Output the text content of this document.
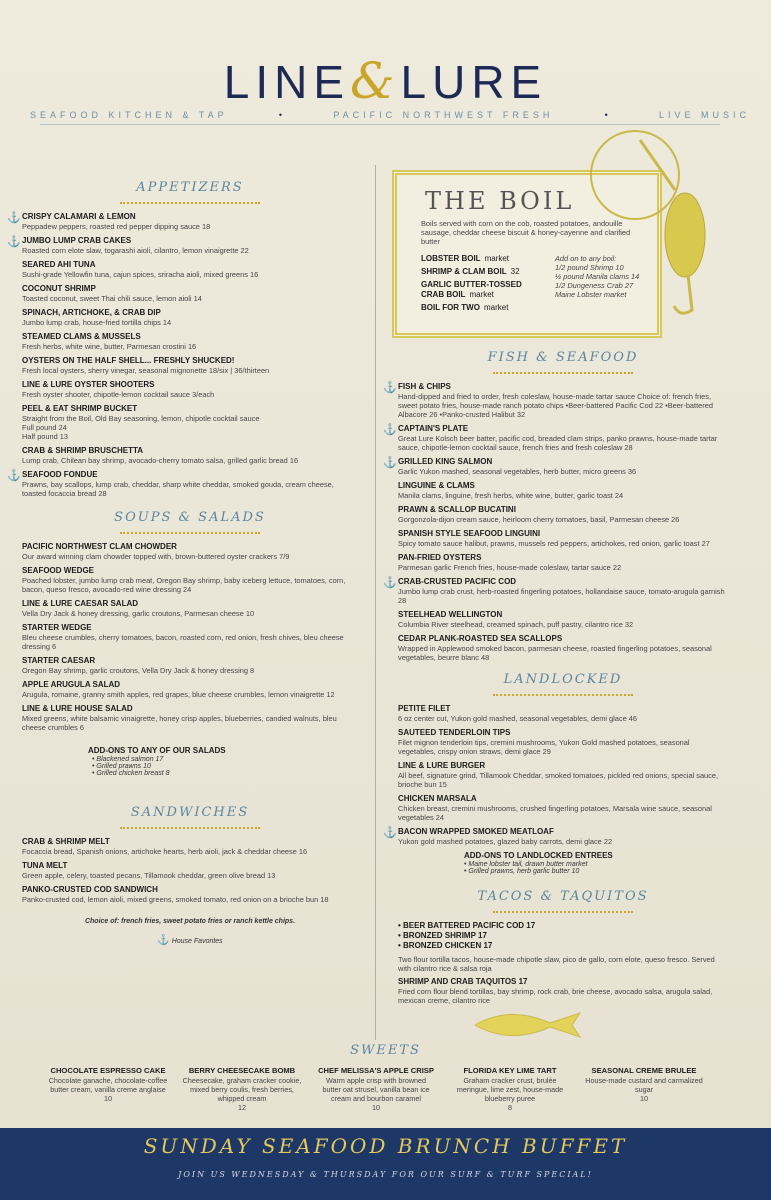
LINE&LURE
SEAFOOD KITCHEN & TAP	•	PACIFIC NORTHWEST FRESH	•	LIVE MUSIC
APPETIZERS
⚓ CRISPY CALAMARI & LEMON
Peppadew peppers, roasted red pepper dipping sauce 18
⚓ JUMBO LUMP CRAB CAKES
Roasted corn elote slaw, togarashi aioli, cilantro, lemon vinaigrette 22
SEARED AHI TUNA
Sushi-grade Yellowfin tuna, cajun spices, sriracha aioli, mixed greens 16
COCONUT SHRIMP
Toasted coconut, sweet Thai chili sauce, lemon aioli 14
SPINACH, ARTICHOKE, & CRAB DIP
Jumbo lump crab, house-fried tortilla chips 14
STEAMED CLAMS & MUSSELS
Fresh herbs, white wine, butter, Parmesan crostini 16
OYSTERS ON THE HALF SHELL... FRESHLY SHUCKED!
Fresh local oysters, sherry vinegar, seasonal mignonette 18/six | 36/thirteen
LINE & LURE OYSTER SHOOTERS
Fresh oyster shooter, chipotle-lemon cocktail sauce 3/each
PEEL & EAT SHRIMP BUCKET
Straight from the Boil, Old Bay seasoning, lemon, chipotle cocktail sauce
Full pound 24
Half pound 13
CRAB & SHRIMP BRUSCHETTA
Lump crab, Chilean bay shrimp, avocado-cherry tomato salsa, grilled garlic bread 16
⚓ SEAFOOD FONDUE
Prawns, bay scallops, lump crab, cheddar, sharp white cheddar, smoked gouda, cream cheese, toasted focaccia bread 28
SOUPS & SALADS
PACIFIC NORTHWEST CLAM CHOWDER
Our award winning clam chowder topped with, brown-buttered oyster crackers 7/9
SEAFOOD WEDGE
Poached lobster, jumbo lump crab meat, Oregon Bay shrimp, baby iceberg lettuce, tomatoes, corn, bacon, queso fresco, avocado-red wine dressing 24
LINE & LURE CAESAR SALAD
Vella Dry Jack & honey dressing, garlic croutons, Parmesan cheese 10
STARTER WEDGE
Bleu cheese crumbles, cherry tomatoes, bacon, roasted corn, red onion, fresh chives, bleu cheese dressing 6
STARTER CAESAR
Oregon Bay shrimp, garlic croutons, Vella Dry Jack & honey dressing 8
APPLE ARUGULA SALAD
Arugula, romaine, granny smith apples, red grapes, blue cheese crumbles, lemon vinaigrette 12
LINE & LURE HOUSE SALAD
Mixed greens, white balsamic vinaigrette, honey crisp apples, blueberries, candied walnuts, bleu cheese crumbles 6
ADD-ONS TO ANY OF OUR SALADS
• Blackened salmon 17
• Grilled prawns 10
• Grilled chicken breast 8
SANDWICHES
CRAB & SHRIMP MELT
Focaccia bread, Spanish onions, artichoke hearts, herb aioli, jack & cheddar cheese 16
TUNA MELT
Green apple, celery, toasted pecans, Tillamook cheddar, green olive bread 13
PANKO-CRUSTED COD SANDWICH
Panko-crusted cod, lemon aioli, mixed greens, smoked tomato, red onion on a brioche bun 18
Choice of: french fries, sweet potato fries or ranch kettle chips.
⚓ House Favorites
THE BOIL
Boils served with corn on the cob, roasted potatoes, andouille sausage, cheddar cheese biscuit & honey-cayenne and clarified butter
LOBSTER BOIL market
SHRIMP & CLAM BOIL 32
GARLIC BUTTER-TOSSED CRAB BOIL market
BOIL FOR TWO market
Add on to any boil:
1/2 pound Shrimp 10
½ pound Manila clams 14
1/2 Dungeness Crab 27
Maine Lobster market
FISH & SEAFOOD
⚓ FISH & CHIPS
Hand-dipped and fried to order, fresh coleslaw, house-made tartar sauce Choice of: french fries, sweet potato fries, house-made ranch potato chips •Beer-battered Pacific Cod 22 •Beer-battered Albacore 26 •Panko-crusted Halibut 32
⚓ CAPTAIN'S PLATE
Great Lure Kolsch beer batter, pacific cod, breaded clam strips, panko prawns, house-made tartar sauce, chipotle-lemon cocktail sauce, french fries and fresh coleslaw 28
⚓ GRILLED KING SALMON
Garlic Yukon mashed, seasonal vegetables, herb butter, micro greens 36
LINGUINE & CLAMS
Manila clams, linguine, fresh herbs, white wine, butter, garlic toast 24
PRAWN & SCALLOP BUCATINI
Gorgonzola-dijon cream sauce, heirloom cherry tomatoes, basil, Parmesan cheese 26
SPANISH STYLE SEAFOOD LINGUINI
Spicy tomato sauce halibut, prawns, mussels red peppers, artichokes, red onion, garlic toast 27
PAN-FRIED OYSTERS
Parmesan garlic French fries, house-made coleslaw, tartar sauce 22
⚓ CRAB-CRUSTED PACIFIC COD
Jumbo lump crab crust, herb-roasted fingerling potatoes, hollandaise sauce, tomato-arugula garnish 28
STEELHEAD WELLINGTON
Columbia River steelhead, creamed spinach, puff pastry, cilantro rice 32
CEDAR PLANK-ROASTED SEA SCALLOPS
Wrapped in Applewood smoked bacon, parmesan cheese, roasted fingerling potatoes, seasonal vegetables, beurre blanc 48
LANDLOCKED
PETITE FILET
6 oz center cut, Yukon gold mashed, seasonal vegetables, demi glace 46
SAUTEED TENDERLOIN TIPS
Filet mignon tenderloin tips, cremini mushrooms, Yukon Gold mashed potatoes, seasonal vegetables, crispy onion straws, demi glace 29
LINE & LURE BURGER
All beef, signature grind, Tillamook Cheddar, smoked tomatoes, pickled red onions, special sauce, brioche bun 15
CHICKEN MARSALA
Chicken breast, cremini mushrooms, crushed fingerling potatoes, Marsala wine sauce, seasonal vegetables 24
⚓ BACON WRAPPED SMOKED MEATLOAF
Yukon gold mashed potatoes, glazed baby carrots, demi glace 22
ADD-ONS TO LANDLOCKED ENTREES
• Maine lobster tail, drawn butter market
• Grilled prawns, herb garlic butter 10
TACOS & TAQUITOS
• BEER BATTERED PACIFIC COD 17
• BRONZED SHRIMP 17
• BRONZED CHICKEN 17
Two flour tortilla tacos, house-made chipotle slaw, pico de gallo, corn elote, queso fresco. Served with cilantro rice & salsa roja
SHRIMP AND CRAB TAQUITOS 17
Fried corn flour blend tortillas, bay shrimp, rock crab, brie cheese, avocado salsa, arugula salad, mexican creme, cilantro rice
SWEETS
CHOCOLATE ESPRESSO CAKE
Chocolate ganache, chocolate-coffee butter cream, vanilla creme anglaise
10
BERRY CHEESECAKE BOMB
Cheesecake, graham cracker cookie, mixed berry coulis, fresh berries, whipped cream
12
CHEF MELISSA'S APPLE CRISP
Warm apple crisp with browned butter oat strusel, vanilla bean ice cream and bourbon caramel
10
FLORIDA KEY LIME TART
Graham cracker crust, brulée meringue, lime zest, house-made blueberry puree
8
SEASONAL CREME BRULEE
House-made custard and carmalized sugar
10
SUNDAY SEAFOOD BRUNCH BUFFET
JOIN US WEDNESDAY & THURSDAY FOR OUR SURF & TURF SPECIAL!
